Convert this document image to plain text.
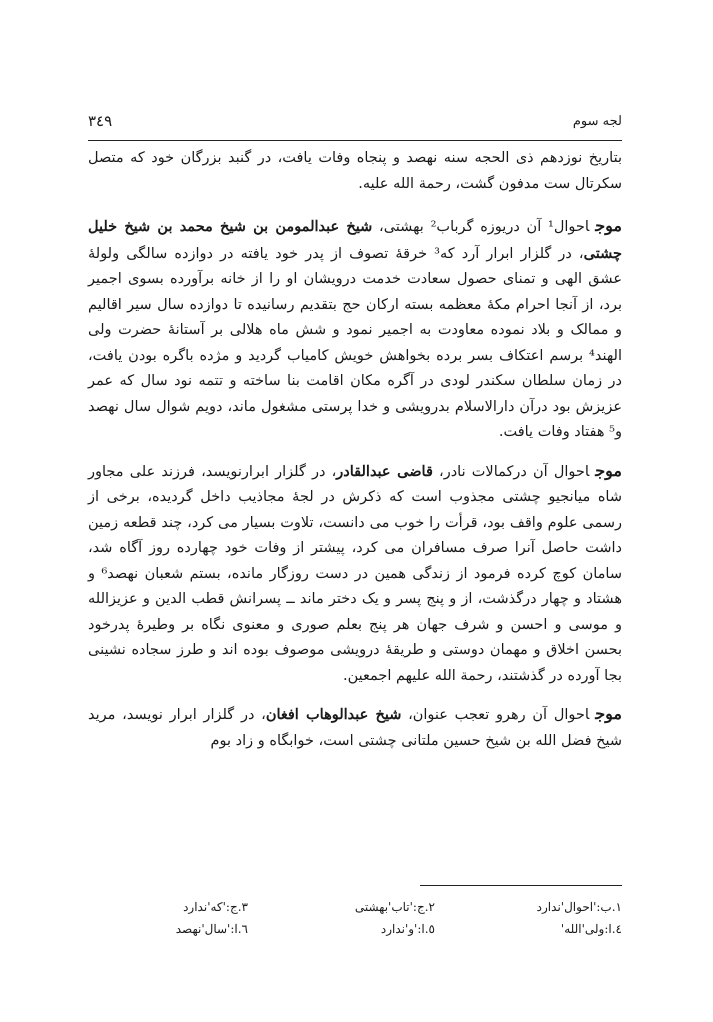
٣٤٩	لجه سوم

بتاریخ نوزدهم ذی الحجه سنه نهصد و پنجاه وفات یافت، در گنبد بزرگان خود که متصل سکرتال ست مدفون گشت، رحمة الله علیه.

موجاحوال¹ آن دریوزه گرباب² بهشتی، شیخ عبدالمومن بن شیخ محمد بن شیخ خلیل چشتی، در گلزار ابرار آرد که³ خرقهٔ تصوف از پدر خود یافته در دوازده سالگی ولولهٔ عشق الهی و تمنای حصول سعادت خدمت درویشان او را از خانه برآورده بسوی اجمیر برد، از آنجا احرام مکهٔ معظمه بسته ارکان حج بتقدیم رسانیده تا دوازده سال سیر اقالیم و ممالک و بلاد نموده معاودت به اجمیر نمود و شش ماه هلالی بر آستانهٔ حضرت ولی الهند⁴ برسم اعتکاف بسر برده بخواهش خویش کامیاب گردید و مژده باگره بودن یافت، در زمان سلطان سکندر لودی در آگره مکان اقامت بنا ساخته و تتمه نود سال که عمر عزیزش بود درآن دارالاسلام بدرویشی و خدا پرستی مشغول ماند، دویم شوال سال نهصد و⁵ هفتاد وفات یافت.

موجاحوال آن درکمالات نادر، قاضی عبدالقادر، در گلزار ابرارنویسد، فرزند علی مجاور شاه میانجیو چشتی مجذوب است که ذکرش در لجهٔ مجاذیب داخل گردیده، برخی از رسمی علوم واقف بود، قرأت را خوب می دانست، تلاوت بسیار می کرد، چند قطعه زمین داشت حاصل آنرا صرف مسافران می کرد، پیشتر از وفات خود چهارده روز آگاه شد، سامان کوچ کرده فرمود از زندگی همین در دست روزگار مانده، بستم شعبان نهصد⁶ و هشتاد و چهار درگذشت، از و پنج پسر و یک دختر ماند ــ پسرانش قطب الدین و عزیزالله و موسی و احسن و شرف جهان هر پنج بعلم صوری و معنوی نگاه بر وطیرهٔ پدرخود بحسن اخلاق و مهمان دوستی و طریقهٔ درویشی موصوف بوده اند و طرز سجاده نشینی بجا آورده در گذشتند، رحمة الله علیهم اجمعین.

موجاحوال آن رهرو تعجب عنوان، شیخ عبدالوهاب افغان، در گلزار ابرار نویسد، مرید شیخ فضل الله بن شیخ حسین ملتانی چشتی است، خوابگاه و زاد بوم

١.ب:'احوال'ندارد
٢.ج:'تاب'بهشتی
٣.ج:'که'ندارد
٤.ا:ولی'الله'
٥.ا:'و'ندارد
٦.ا:'سال'نهصد
